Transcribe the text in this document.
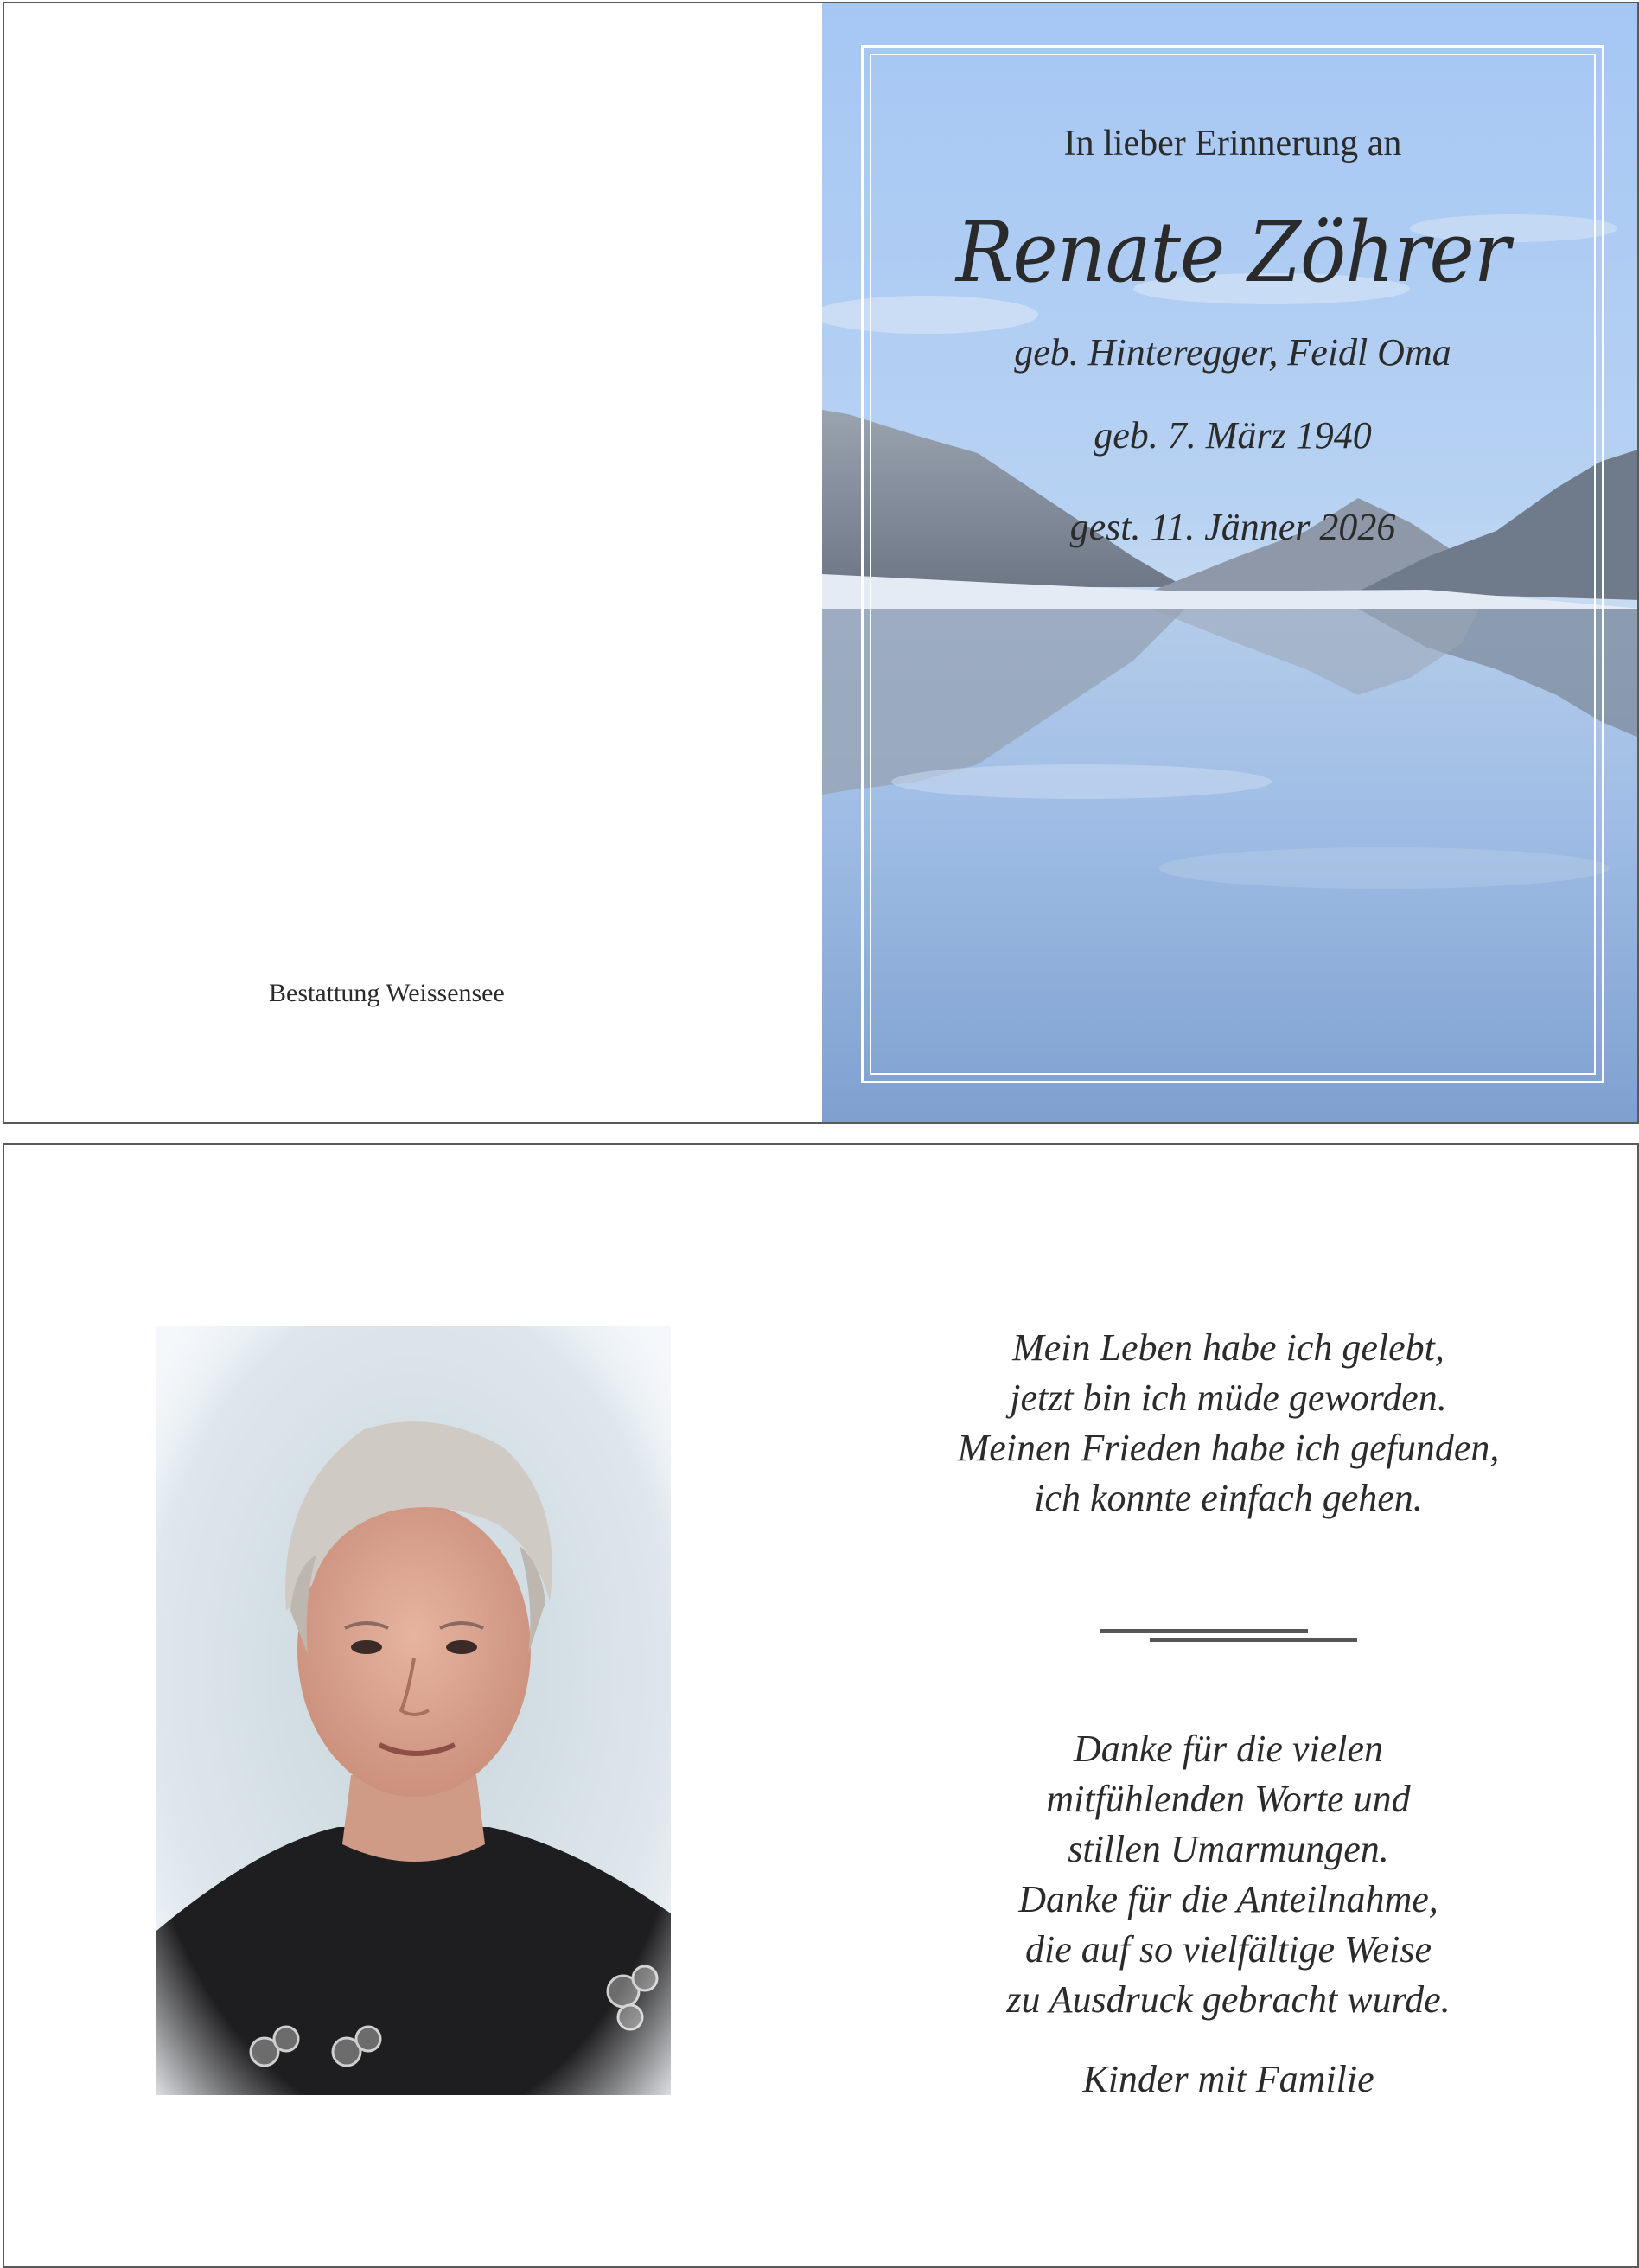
Bestattung Weissensee
In lieber Erinnerung an
Renate Zöhrer
geb. Hinteregger, Feidl Oma
geb. 7. März 1940
gest. 11. Jänner 2026
Mein Leben habe ich gelebt,
jetzt bin ich müde geworden.
Meinen Frieden habe ich gefunden,
ich konnte einfach gehen.
Danke für die vielen
mitfühlenden Worte und
stillen Umarmungen.
Danke für die Anteilnahme,
die auf so vielfältige Weise
zu Ausdruck gebracht wurde.
Kinder mit Familie
